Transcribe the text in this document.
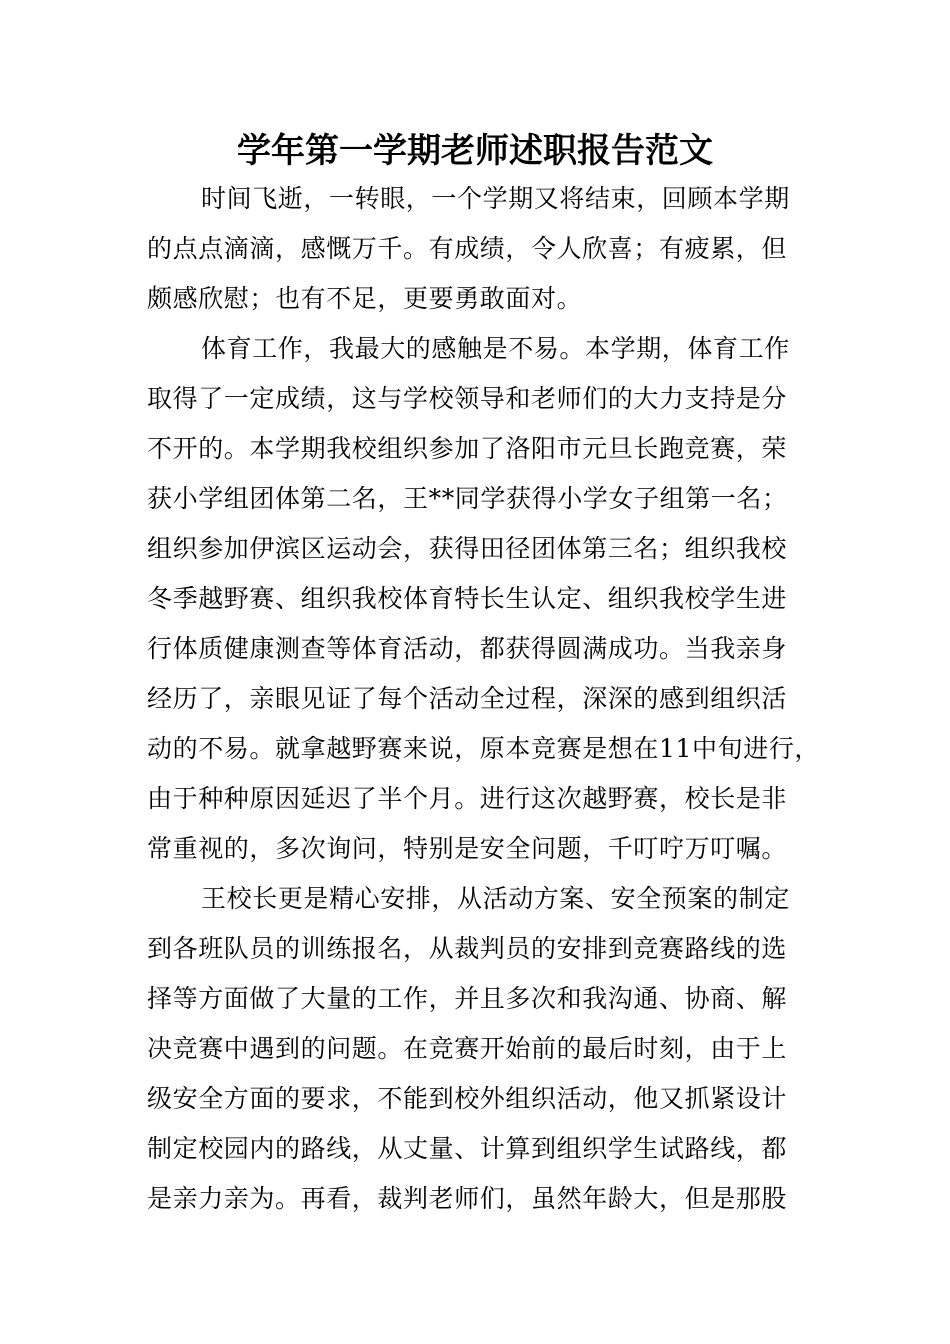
学年第一学期老师述职报告范文

时间飞逝，一转眼，一个学期又将结束，回顾本学期

的点点滴滴，感慨万千。有成绩，令人欣喜；有疲累，但

颇感欣慰；也有不足，更要勇敢面对。

体育工作，我最大的感触是不易。本学期，体育工作

取得了一定成绩，这与学校领导和老师们的大力支持是分

不开的。本学期我校组织参加了洛阳市元旦长跑竞赛，荣

获小学组团体第二名，王**同学获得小学女子组第一名；

组织参加伊滨区运动会，获得田径团体第三名；组织我校

冬季越野赛、组织我校体育特长生认定、组织我校学生进

行体质健康测查等体育活动，都获得圆满成功。当我亲身

经历了，亲眼见证了每个活动全过程，深深的感到组织活

动的不易。就拿越野赛来说，原本竞赛是想在11中旬进行，

由于种种原因延迟了半个月。进行这次越野赛，校长是非

常重视的，多次询问，特别是安全问题，千叮咛万叮嘱。

王校长更是精心安排，从活动方案、安全预案的制定

到各班队员的训练报名，从裁判员的安排到竞赛路线的选

择等方面做了大量的工作，并且多次和我沟通、协商、解

决竞赛中遇到的问题。在竞赛开始前的最后时刻，由于上

级安全方面的要求，不能到校外组织活动，他又抓紧设计

制定校园内的路线，从丈量、计算到组织学生试路线，都

是亲力亲为。再看，裁判老师们，虽然年龄大，但是那股
